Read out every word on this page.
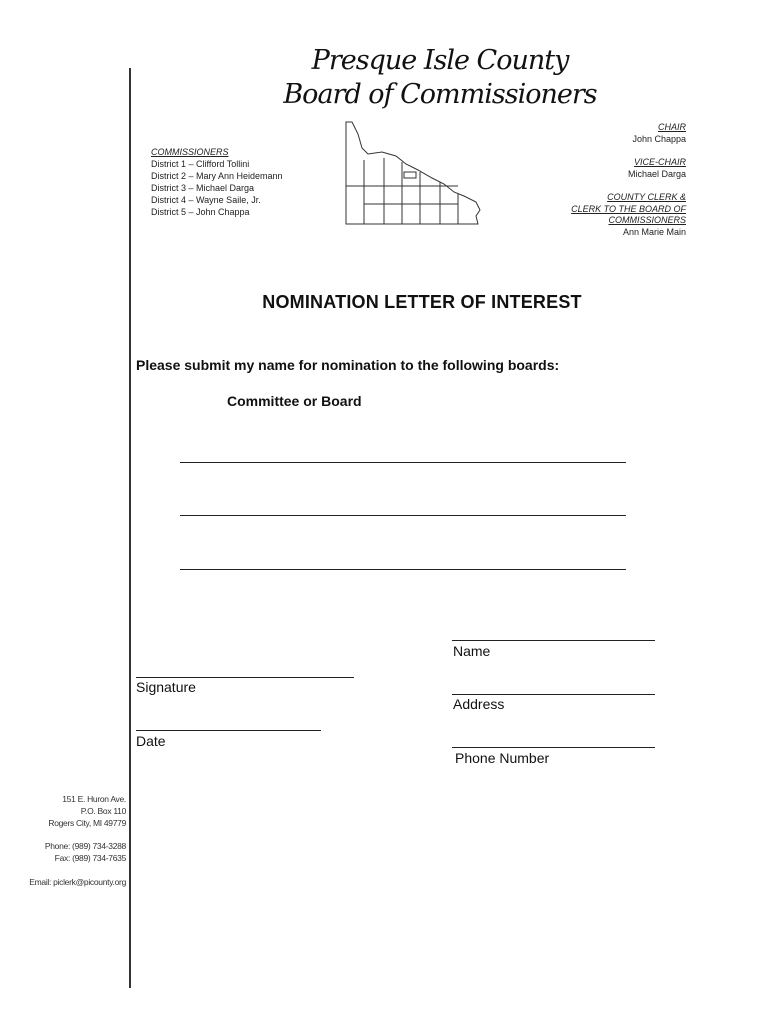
Presque Isle County
Board of Commissioners
COMMISSIONERS
District 1 – Clifford Tollini
District 2 – Mary Ann Heidemann
District 3 – Michael Darga
District 4 – Wayne Saile, Jr.
District 5 – John Chappa
CHAIR
John Chappa
VICE-CHAIR
Michael Darga
COUNTY CLERK &
CLERK TO THE BOARD OF
COMMISSIONERS
Ann Marie Main
NOMINATION LETTER OF INTEREST
Please submit my name for nomination to the following boards:
Committee or Board
Name
Signature
Address
Date
Phone Number
151 E. Huron Ave.
P.O. Box 110
Rogers City, MI 49779
Phone: (989) 734-3288
Fax: (989) 734-7635
Email: piclerk@picounty.org
